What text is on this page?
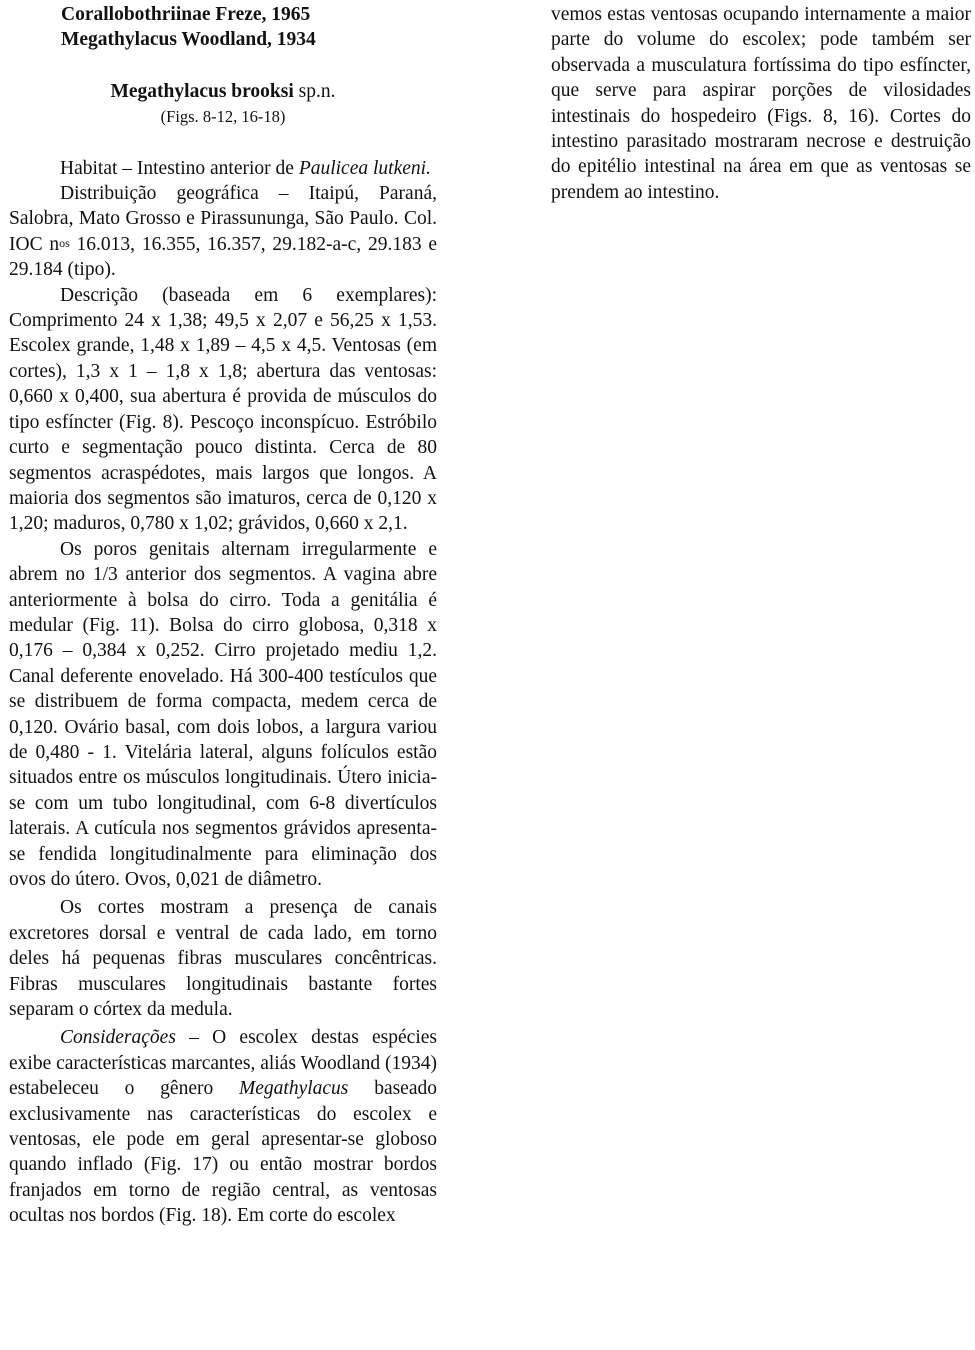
Corallobothriinae Freze, 1965

Megathylacus Woodland, 1934

Megathylacus brooksi sp.n.

(Figs. 8-12, 16-18)

Habitat – Intestino anterior de Paulicea lutkeni.

Distribuição geográfica – Itaipú, Paraná, Salobra, Mato Grosso e Pirassununga, São Paulo. Col. IOC $n^{os}$ 16.013, 16.355, 16.357, 29.182-a-c, 29.183 e 29.184 (tipo).

Descrição (baseada em 6 exemplares): Comprimento 24 x 1,38; 49,5 x 2,07 e 56,25 x 1,53. Escolex grande, 1,48 x 1,89 – 4,5 x 4,5. Ventosas (em cortes), 1,3 x 1 – 1,8 x 1,8; abertura das ventosas: 0,660 x 0,400, sua abertura é provida de músculos do tipo esfíncter (Fig. 8). Pescoço inconspícuo. Estróbilo curto e segmentação pouco distinta. Cerca de 80 segmentos acraspédotes, mais largos que longos. A maioria dos segmentos são imaturos, cerca de 0,120 x 1,20; maduros, 0,780 x 1,02; grávidos, 0,660 x 2,1.

Os poros genitais alternam irregularmente e abrem no 1/3 anterior dos segmentos. A vagina abre anteriormente à bolsa do cirro. Toda a genitália é medular (Fig. 11). Bolsa do cirro globosa, 0,318 x 0,176 – 0,384 x 0,252. Cirro projetado mediu 1,2. Canal deferente enovelado. Há 300-400 testículos que se distribuem de forma compacta, medem cerca de 0,120. Ovário basal, com dois lobos, a largura variou de 0,480 - 1. Vitelária lateral, alguns folículos estão situados entre os músculos longitudinais. Útero inicia-se com um tubo longitudinal, com 6-8 divertículos laterais. A cutícula nos segmentos grávidos apresenta-se fendida longitudinalmente para eliminação dos ovos do útero. Ovos, 0,021 de diâmetro.

Os cortes mostram a presença de canais excretores dorsal e ventral de cada lado, em torno deles há pequenas fibras musculares concêntricas. Fibras musculares longitudinais bastante fortes separam o córtex da medula.

Considerações – O escolex destas espécies exibe características marcantes, aliás Woodland (1934) estabeleceu o gênero Megathylacus baseado exclusivamente nas características do escolex e ventosas, ele pode em geral apresentar-se globoso quando inflado (Fig. 17) ou então mostrar bordos franjados em torno de região central, as ventosas ocultas nos bordos (Fig. 18). Em corte do escolex

vemos estas ventosas ocupando internamente a maior parte do volume do escolex; pode também ser observada a musculatura fortíssima do tipo esfíncter, que serve para aspirar porções de vilosidades intestinais do hospedeiro (Figs. 8, 16). Cortes do intestino parasitado mostraram necrose e destruição do epitélio intestinal na área em que as ventosas se prendem ao intestino.
